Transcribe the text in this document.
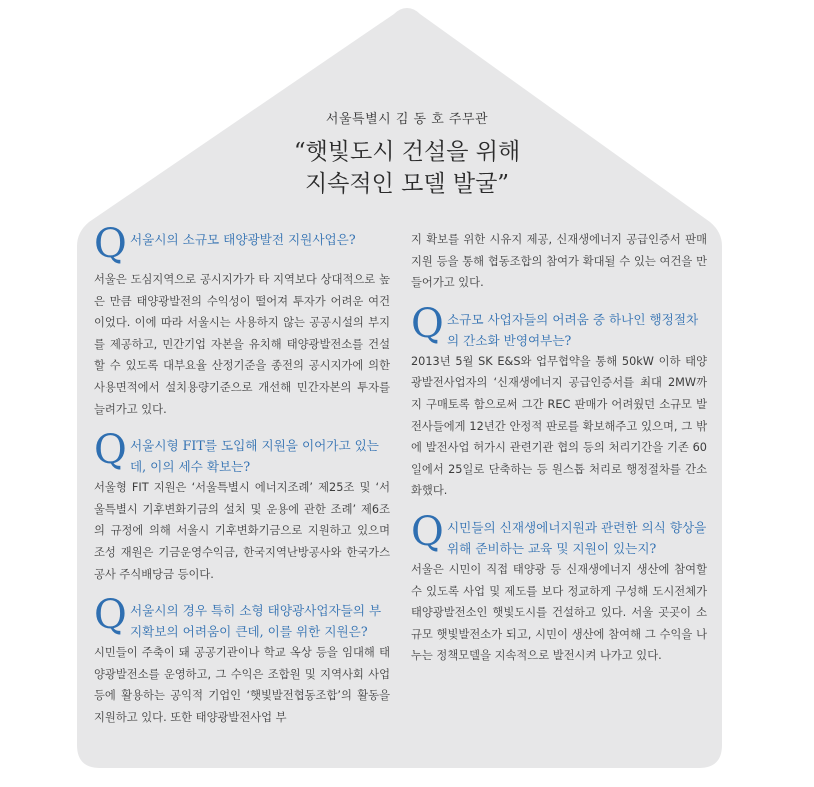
서울특별시 김 동 호 주무관
“햇빛도시 건설을 위해
지속적인 모델 발굴”
Q 서울시의 소규모 태양광발전 지원사업은?

서울은 도심지역으로 공시지가가 타 지역보다 상대적으로 높은 만큼 태양광발전의 수익성이 떨어져 투자가 어려운 여건이었다. 이에 따라 서울시는 사용하지 않는 공공시설의 부지를 제공하고, 민간기업 자본을 유치해 태양광발전소를 건설할 수 있도록 대부요율 산정기준을 종전의 공시지가에 의한 사용면적에서 설치용량기준으로 개선해 민간자본의 투자를 늘려가고 있다.

Q 서울시형 FIT를 도입해 지원을 이어가고 있는데, 이의 세수 확보는?

서울형 FIT 지원은 ‘서울특별시 에너지조례’ 제25조 및 ‘서울특별시 기후변화기금의 설치 및 운용에 관한 조례’ 제6조의 규정에 의해 서울시 기후변화기금으로 지원하고 있으며 조성 재원은 기금운영수익금, 한국지역난방공사와 한국가스공사 주식배당금 등이다.

Q 서울시의 경우 특히 소형 태양광사업자들의 부지확보의 어려움이 큰데, 이를 위한 지원은?

시민들이 주축이 돼 공공기관이나 학교 옥상 등을 임대해 태양광발전소를 운영하고, 그 수익은 조합원 및 지역사회 사업 등에 활용하는 공익적 기업인 ‘햇빛발전협동조합’의 활동을 지원하고 있다. 또한 태양광발전사업 부

지 확보를 위한 시유지 제공, 신재생에너지 공급인증서 판매 지원 등을 통해 협동조합의 참여가 확대될 수 있는 여건을 만들어가고 있다.

Q 소규모 사업자들의 어려움 중 하나인 행정절차의 간소화 반영여부는?

2013년 5월 SK E&S와 업무협약을 통해 50kW 이하 태양광발전사업자의 ‘신재생에너지 공급인증서를 최대 2MW까지 구매토록 함으로써 그간 REC 판매가 어려웠던 소규모 발전사들에게 12년간 안정적 판로를 확보해주고 있으며, 그 밖에 발전사업 허가시 관련기관 협의 등의 처리기간을 기존 60일에서 25일로 단축하는 등 원스톱 처리로 행정절차를 간소화했다.

Q 시민들의 신재생에너지원과 관련한 의식 향상을 위해 준비하는 교육 및 지원이 있는지?

서울은 시민이 직접 태양광 등 신재생에너지 생산에 참여할 수 있도록 사업 및 제도를 보다 정교하게 구성해 도시전체가 태양광발전소인 햇빛도시를 건설하고 있다. 서울 곳곳이 소규모 햇빛발전소가 되고, 시민이 생산에 참여해 그 수익을 나누는 정책모델을 지속적으로 발전시켜 나가고 있다.
